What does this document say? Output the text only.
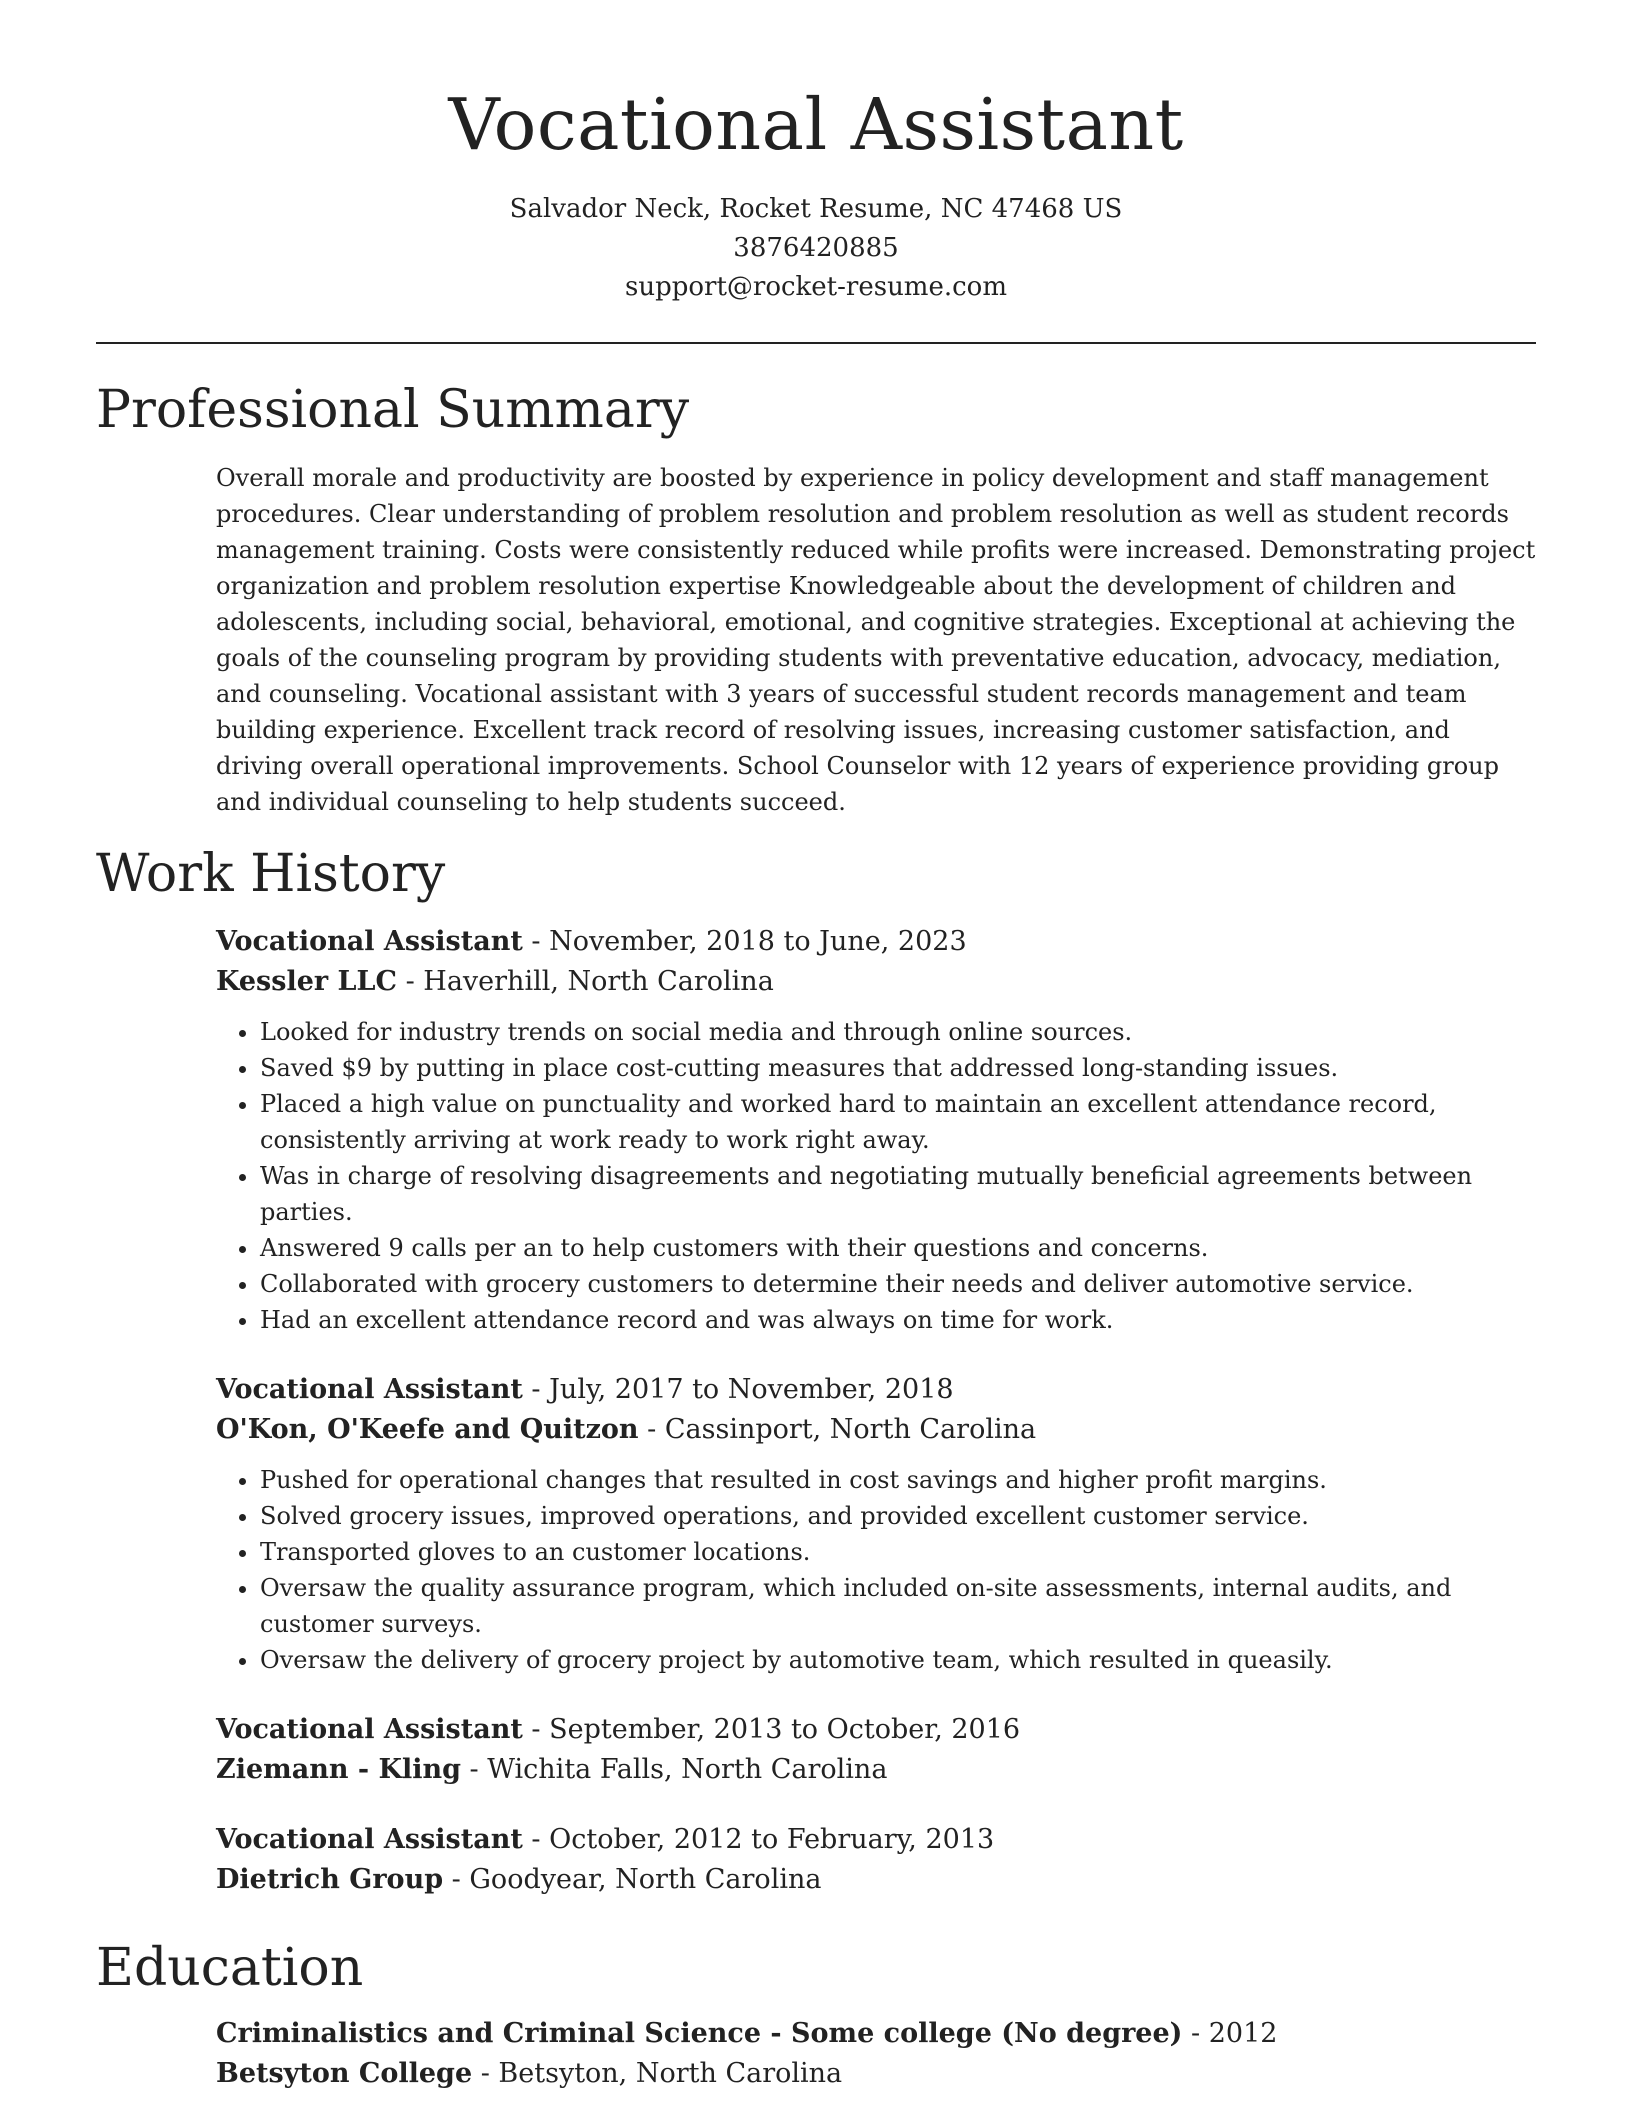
Vocational Assistant
Salvador Neck, Rocket Resume, NC 47468 US
3876420885
support@rocket-resume.com
Professional Summary

Overall morale and productivity are boosted by experience in policy development and staff management procedures. Clear understanding of problem resolution and problem resolution as well as student records management training. Costs were consistently reduced while profits were increased. Demonstrating project organization and problem resolution expertise Knowledgeable about the development of children and adolescents, including social, behavioral, emotional, and cognitive strategies. Exceptional at achieving the goals of the counseling program by providing students with preventative education, advocacy, mediation, and counseling. Vocational assistant with 3 years of successful student records management and team building experience. Excellent track record of resolving issues, increasing customer satisfaction, and driving overall operational improvements. School Counselor with 12 years of experience providing group and individual counseling to help students succeed.

Work History
Vocational Assistant - November, 2018 to June, 2023
Kessler LLC - Haverhill, North Carolina
• Looked for industry trends on social media and through online sources.
• Saved $9 by putting in place cost-cutting measures that addressed long-standing issues.
• Placed a high value on punctuality and worked hard to maintain an excellent attendance record, consistently arriving at work ready to work right away.
• Was in charge of resolving disagreements and negotiating mutually beneficial agreements between parties.
• Answered 9 calls per an to help customers with their questions and concerns.
• Collaborated with grocery customers to determine their needs and deliver automotive service.
• Had an excellent attendance record and was always on time for work.
Vocational Assistant - July, 2017 to November, 2018
O'Kon, O'Keefe and Quitzon - Cassinport, North Carolina
• Pushed for operational changes that resulted in cost savings and higher profit margins.
• Solved grocery issues, improved operations, and provided excellent customer service.
• Transported gloves to an customer locations.
• Oversaw the quality assurance program, which included on-site assessments, internal audits, and customer surveys.
• Oversaw the delivery of grocery project by automotive team, which resulted in queasily.
Vocational Assistant - September, 2013 to October, 2016
Ziemann - Kling - Wichita Falls, North Carolina
Vocational Assistant - October, 2012 to February, 2013
Dietrich Group - Goodyear, North Carolina
Education
Criminalistics and Criminal Science - Some college (No degree) - 2012
Betsyton College - Betsyton, North Carolina
